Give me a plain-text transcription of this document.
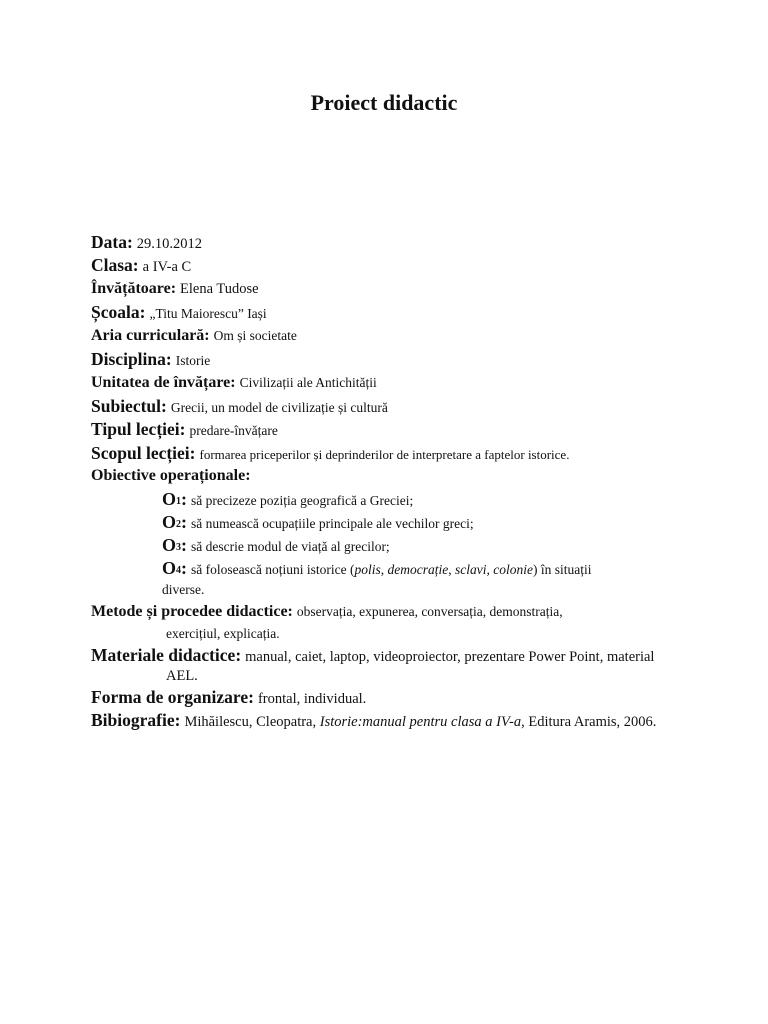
Proiect didactic
Data: 29.10.2012
Clasa: a IV-a C
Învățătoare: Elena Tudose
Școala: „Titu Maiorescu” Iași
Aria curriculară: Om și societate
Disciplina: Istorie
Unitatea de învățare: Civilizații ale Antichității
Subiectul: Grecii, un model de civilizație și cultură
Tipul lecției: predare-învățare
Scopul lecției: formarea priceperilor și deprinderilor de interpretare a faptelor istorice.
Obiective operaționale:
$O_1$: să precizeze poziția geografică a Greciei;
$O_2$: să numească ocupațiile principale ale vechilor greci;
$O_3$: să descrie modul de viață al grecilor;
$O_4$: să folosească noțiuni istorice (polis, democrație, sclavi, colonie) în situații
diverse.
Metode și procedee didactice: observația, expunerea, conversația, demonstrația,
exercițiul, explicația.
Materiale didactice: manual, caiet, laptop, videoproiector, prezentare Power Point, material
AEL.
Forma de organizare: frontal, individual.
Bibiografie: Mihăilescu, Cleopatra, Istorie:manual pentru clasa a IV-a, Editura Aramis, 2006.
